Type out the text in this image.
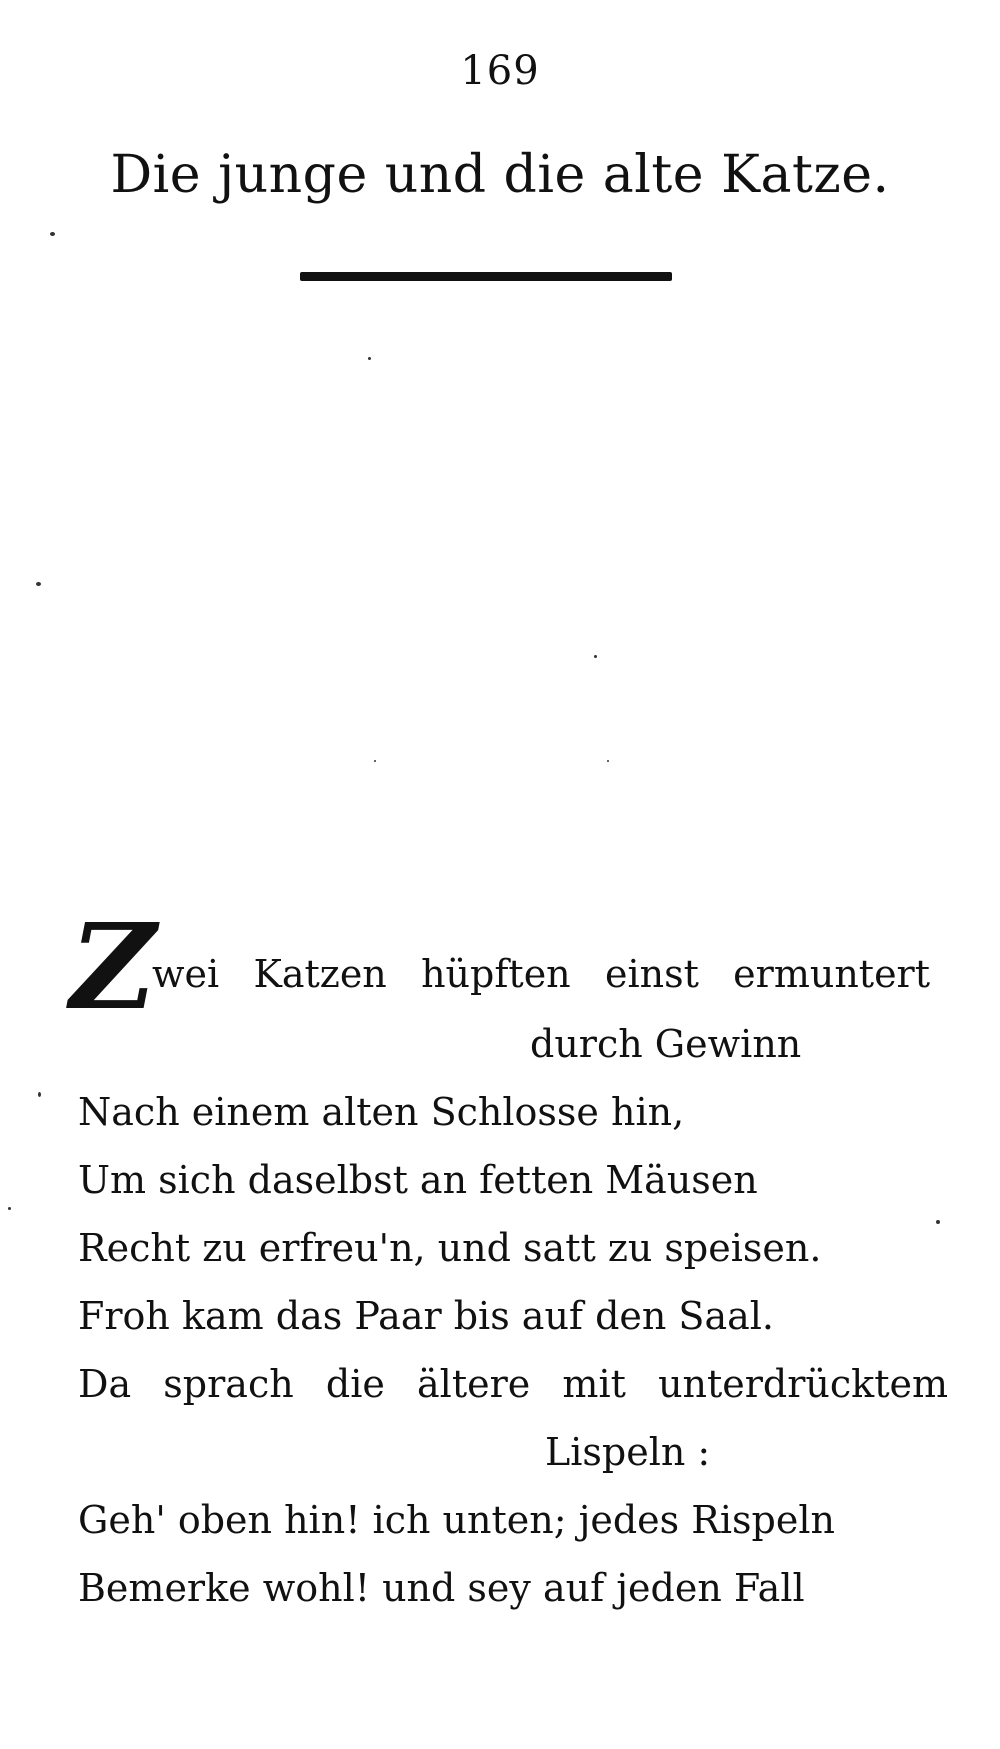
169
Die junge und die alte Katze.
Z
wei Katzen hüpften einst ermuntert
durch Gewinn
Nach einem alten Schlosse hin,
Um sich daselbst an fetten Mäusen
Recht zu erfreu'n, und satt zu speisen.
Froh kam das Paar bis auf den Saal.
Da sprach die ältere mit unterdrücktem
Lispeln :
Geh' oben hin! ich unten; jedes Rispeln
Bemerke wohl! und sey auf jeden Fall
